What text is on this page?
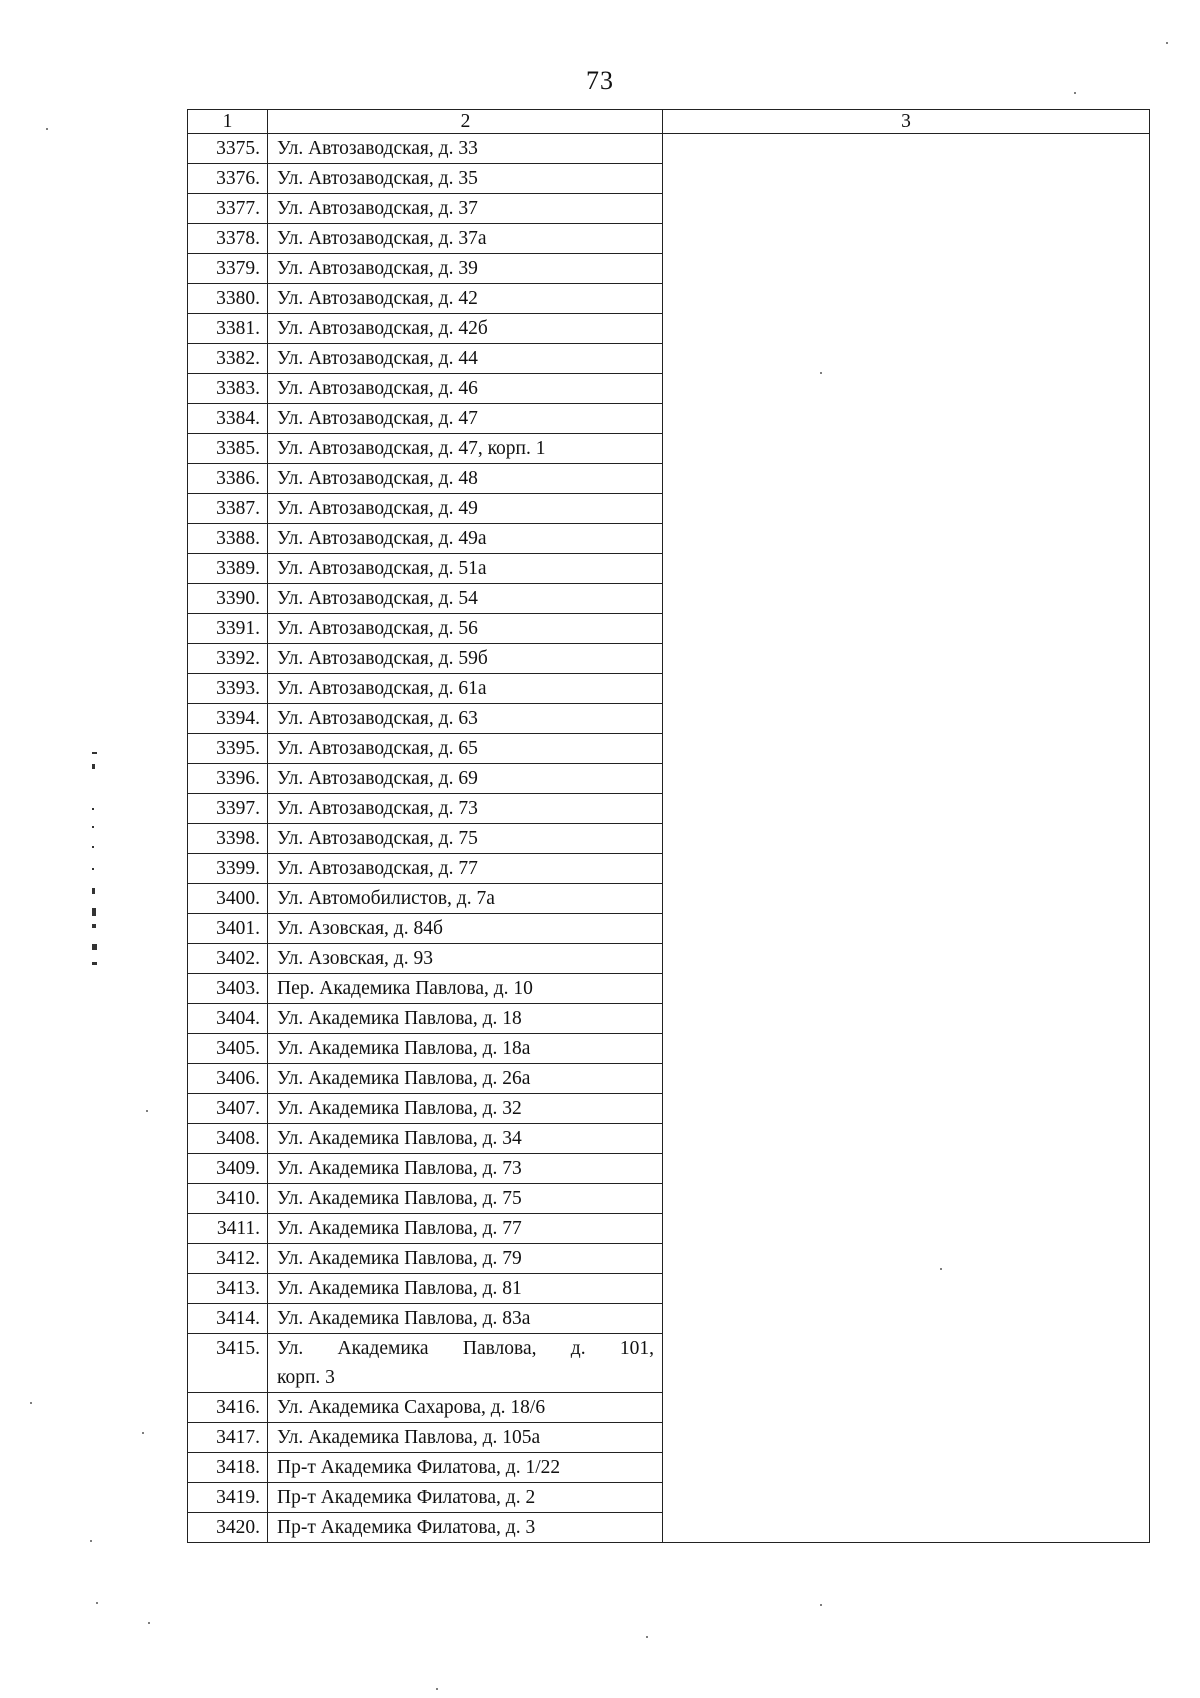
73
1	2	3
3375.	Ул. Автозаводская, д. 33	
3376.	Ул. Автозаводская, д. 35	
3377.	Ул. Автозаводская, д. 37	
3378.	Ул. Автозаводская, д. 37а	
3379.	Ул. Автозаводская, д. 39	
3380.	Ул. Автозаводская, д. 42	
3381.	Ул. Автозаводская, д. 42б	
3382.	Ул. Автозаводская, д. 44	
3383.	Ул. Автозаводская, д. 46	
3384.	Ул. Автозаводская, д. 47	
3385.	Ул. Автозаводская, д. 47, корп. 1	
3386.	Ул. Автозаводская, д. 48	
3387.	Ул. Автозаводская, д. 49	
3388.	Ул. Автозаводская, д. 49а	
3389.	Ул. Автозаводская, д. 51а	
3390.	Ул. Автозаводская, д. 54	
3391.	Ул. Автозаводская, д. 56	
3392.	Ул. Автозаводская, д. 59б	
3393.	Ул. Автозаводская, д. 61а	
3394.	Ул. Автозаводская, д. 63	
3395.	Ул. Автозаводская, д. 65	
3396.	Ул. Автозаводская, д. 69	
3397.	Ул. Автозаводская, д. 73	
3398.	Ул. Автозаводская, д. 75	
3399.	Ул. Автозаводская, д. 77	
3400.	Ул. Автомобилистов, д. 7а	
3401.	Ул. Азовская, д. 84б	
3402.	Ул. Азовская, д. 93	
3403.	Пер. Академика Павлова, д. 10	
3404.	Ул. Академика Павлова, д. 18	
3405.	Ул. Академика Павлова, д. 18а	
3406.	Ул. Академика Павлова, д. 26а	
3407.	Ул. Академика Павлова, д. 32	
3408.	Ул. Академика Павлова, д. 34	
3409.	Ул. Академика Павлова, д. 73	
3410.	Ул. Академика Павлова, д. 75	
3411.	Ул. Академика Павлова, д. 77	
3412.	Ул. Академика Павлова, д. 79	
3413.	Ул. Академика Павлова, д. 81	
3414.	Ул. Академика Павлова, д. 83а	
3415.	Ул. Академика Павлова, д. 101,
корп. 3	
3416.	Ул. Академика Сахарова, д. 18/6	
3417.	Ул. Академика Павлова, д. 105а	
3418.	Пр-т Академика Филатова, д. 1/22	
3419.	Пр-т Академика Филатова, д. 2	
3420.	Пр-т Академика Филатова, д. 3	
